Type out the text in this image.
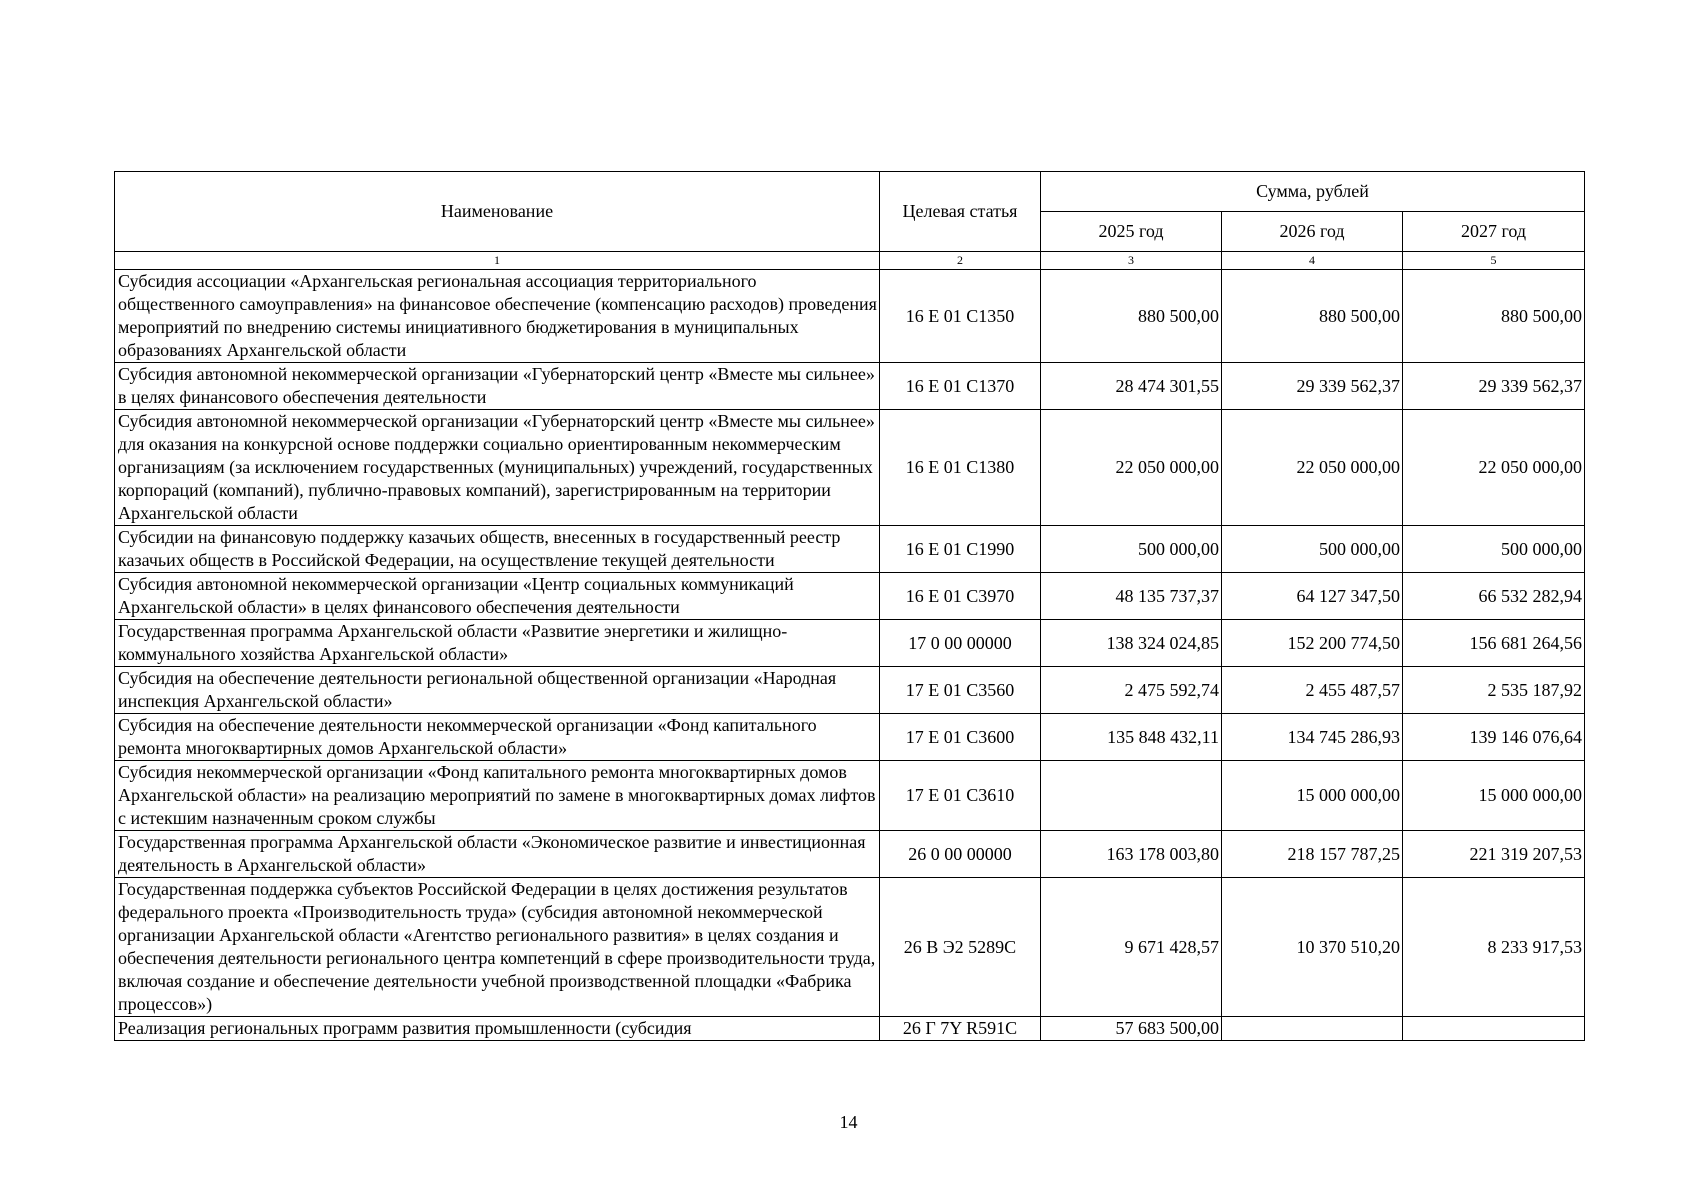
Наименование	Целевая статья	Сумма, рублей		
		2025 год	2026 год	2027 год
1	2	3	4	5
Субсидия ассоциации «Архангельская региональная ассоциация территориального общественного самоуправления» на финансовое обеспечение (компенсацию расходов) проведения мероприятий по внедрению системы инициативного бюджетирования в муниципальных образованиях Архангельской области	16 Е 01 С1350	880 500,00	880 500,00	880 500,00
Субсидия автономной некоммерческой организации «Губернаторский центр «Вместе мы сильнее» в целях финансового обеспечения деятельности	16 Е 01 С1370	28 474 301,55	29 339 562,37	29 339 562,37
Субсидия автономной некоммерческой организации «Губернаторский центр «Вместе мы сильнее» для оказания на конкурсной основе поддержки социально ориентированным некоммерческим организациям (за исключением государственных (муниципальных) учреждений, государственных корпораций (компаний), публично-правовых компаний), зарегистрированным на территории Архангельской области	16 Е 01 С1380	22 050 000,00	22 050 000,00	22 050 000,00
Субсидии на финансовую поддержку казачьих обществ, внесенных в государственный реестр казачьих обществ в Российской Федерации, на осуществление текущей деятельности	16 Е 01 С1990	500 000,00	500 000,00	500 000,00
Субсидия автономной некоммерческой организации «Центр социальных коммуникаций Архангельской области» в целях финансового обеспечения деятельности	16 Е 01 С3970	48 135 737,37	64 127 347,50	66 532 282,94
Государственная программа Архангельской области «Развитие энергетики и жилищно-коммунального хозяйства Архангельской области»	17 0 00 00000	138 324 024,85	152 200 774,50	156 681 264,56
Субсидия на обеспечение деятельности региональной общественной организации «Народная инспекция Архангельской области»	17 Е 01 С3560	2 475 592,74	2 455 487,57	2 535 187,92
Субсидия на обеспечение деятельности некоммерческой организации «Фонд капитального ремонта многоквартирных домов Архангельской области»	17 Е 01 С3600	135 848 432,11	134 745 286,93	139 146 076,64
Субсидия некоммерческой организации «Фонд капитального ремонта многоквартирных домов Архангельской области» на реализацию мероприятий по замене в многоквартирных домах лифтов с истекшим назначенным сроком службы	17 Е 01 С3610		15 000 000,00	15 000 000,00
Государственная программа Архангельской области «Экономическое развитие и инвестиционная деятельность в Архангельской области»	26 0 00 00000	163 178 003,80	218 157 787,25	221 319 207,53
Государственная поддержка субъектов Российской Федерации в целях достижения результатов федерального проекта «Производительность труда» (субсидия автономной некоммерческой организации Архангельской области «Агентство регионального развития» в целях создания и обеспечения деятельности регионального центра компетенций в сфере производительности труда, включая создание и обеспечение деятельности учебной производственной площадки «Фабрика процессов»)	26 В Э2 5289С	9 671 428,57	10 370 510,20	8 233 917,53
Реализация региональных программ развития промышленности (субсидия	26 Г 7Y R591C	57 683 500,00		
14
